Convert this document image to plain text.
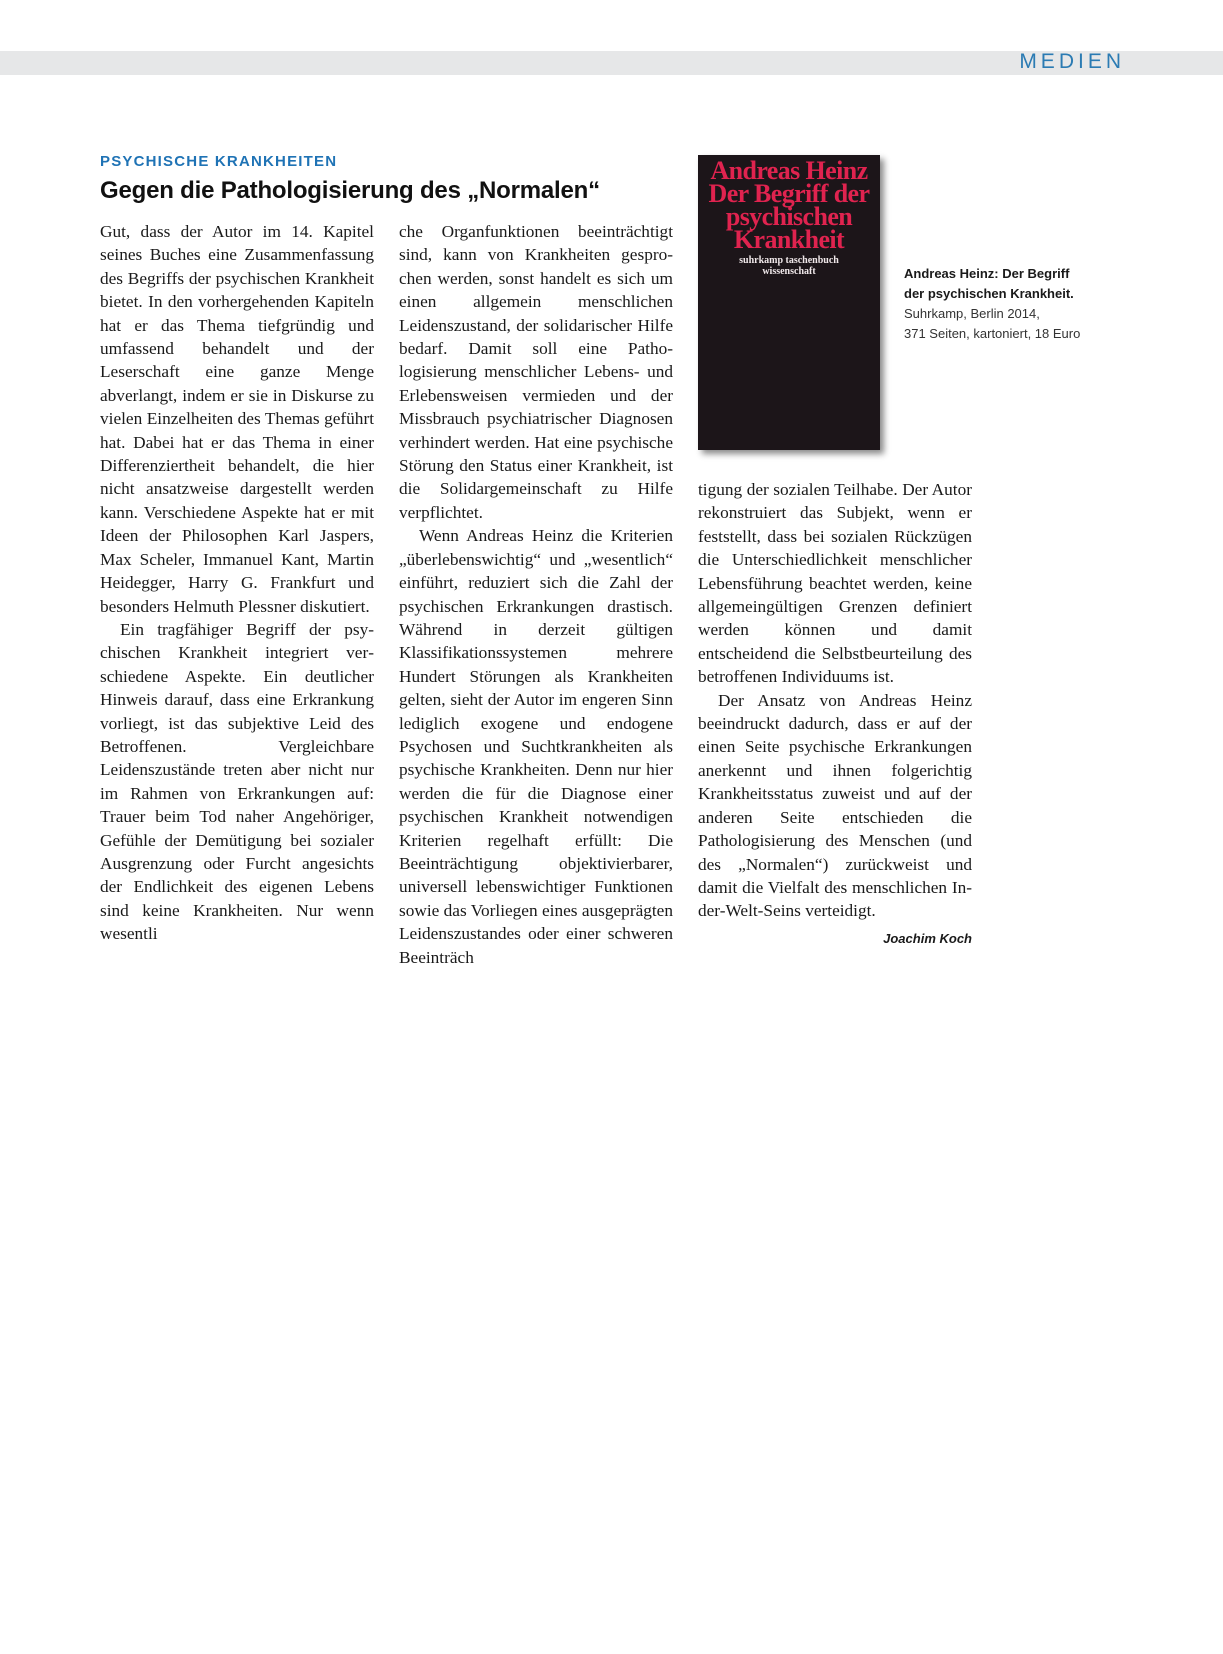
MEDIEN
PSYCHISCHE KRANKHEITEN
Gegen die Pathologisierung des „Normalen“

Gut, dass der Autor im 14. Kapitel seines Buches eine Zusammenfassung des Begriffs der psychischen Krankheit bietet. In den vorhergehenden Kapiteln hat er das Thema tiefgründig und umfassend behandelt und der Leserschaft eine ganze Menge abverlangt, indem er sie in Diskurse zu vielen Einzelheiten des Themas geführt hat. Dabei hat er das Thema in einer Differenziertheit behandelt, die hier nicht ansatzweise dargestellt werden kann. Verschiedene Aspekte hat er mit Ideen der Philosophen Karl Jaspers, Max Scheler, Immanuel Kant, Martin Heidegger, Harry G. Frankfurt und besonders Helmuth Plessner diskutiert.

Ein tragfähiger Begriff der psychischen Krankheit integriert verschiedene Aspekte. Ein deutlicher Hinweis darauf, dass eine Erkrankung vorliegt, ist das subjektive Leid des Betroffenen. Vergleichbare Leidenszustände treten aber nicht nur im Rahmen von Erkrankungen auf: Trauer beim Tod naher Angehöriger, Gefühle der Demütigung bei sozialer Ausgrenzung oder Furcht angesichts der Endlichkeit des eigenen Lebens sind keine Krankheiten. Nur wenn wesentli

che Organfunktionen beeinträchtigt sind, kann von Krankheiten gesprochen werden, sonst handelt es sich um einen allgemein menschlichen Leidenszustand, der solidarischer Hilfe bedarf. Damit soll eine Pathologisierung menschlicher Lebens- und Erlebensweisen vermieden und der Missbrauch psychiatrischer Diagnosen verhindert werden. Hat eine psychische Störung den Status einer Krankheit, ist die Solidargemeinschaft zu Hilfe verpflichtet.

Wenn Andreas Heinz die Kriterien „überlebenswichtig“ und „wesentlich“ einführt, reduziert sich die Zahl der psychischen Erkrankungen drastisch. Während in derzeit gültigen Klassifikationssystemen mehrere Hundert Störungen als Krankheiten gelten, sieht der Autor im engeren Sinn lediglich exogene und endogene Psychosen und Suchtkrankheiten als psychische Krankheiten. Denn nur hier werden die für die Diagnose einer psychischen Krankheit notwendigen Kriterien regelhaft erfüllt: Die Beeinträchtigung objektivierbarer, universell lebenswichtiger Funktionen sowie das Vorliegen eines ausgeprägten Leidenszustandes oder einer schweren Beeinträch

Andreas Heinz
Der Begriff der
psychischen
Krankheit
suhrkamp taschenbuch
wissenschaft	Andreas Heinz: Der Begriff
der psychischen Krankheit.
Suhrkamp, Berlin 2014,
371 Seiten, kartoniert, 18 Euro

tigung der sozialen Teilhabe. Der Autor rekonstruiert das Subjekt, wenn er feststellt, dass bei sozialen Rückzügen die Unterschiedlichkeit menschlicher Lebensführung beachtet werden, keine allgemeingültigen Grenzen definiert werden können und damit entscheidend die Selbstbeurteilung des betroffenen Individuums ist.

Der Ansatz von Andreas Heinz beeindruckt dadurch, dass er auf der einen Seite psychische Erkrankungen anerkennt und ihnen folgerichtig Krankheitsstatus zuweist und auf der anderen Seite entschieden die Pathologisierung des Menschen (und des „Normalen“) zurückweist und damit die Vielfalt des menschlichen In-der-Welt-Seins verteidigt.
Joachim Koch
